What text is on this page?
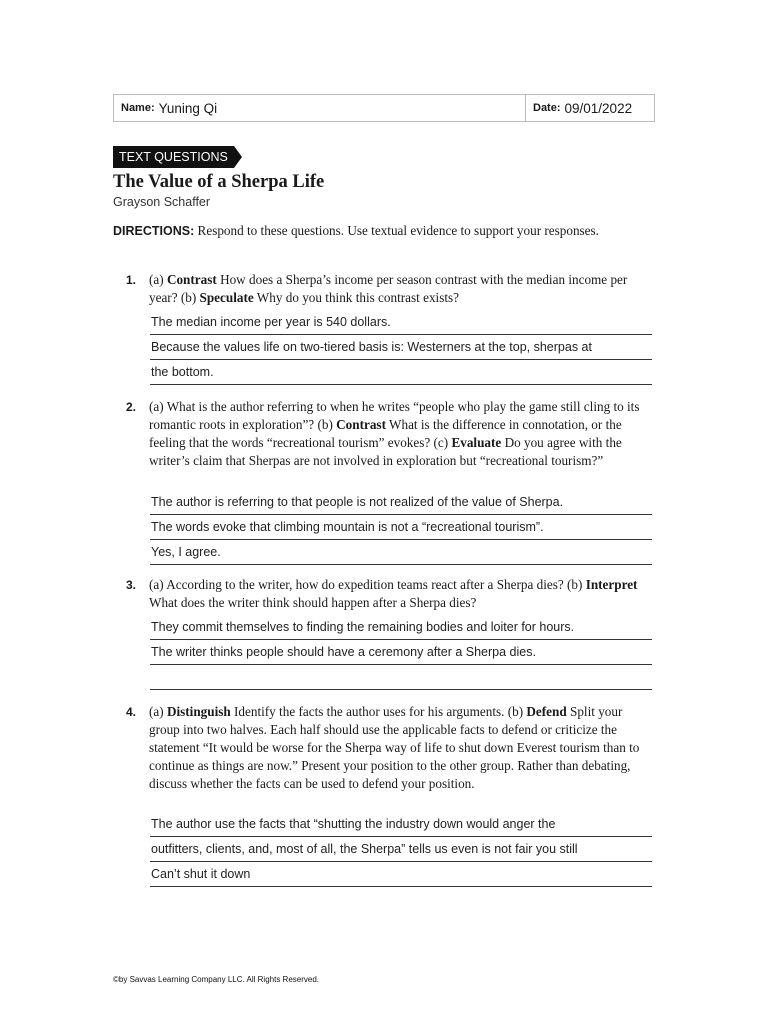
Name: Yuning Qi	Date: 09/01/2022
TEXT QUESTIONS
The Value of a Sherpa Life
Grayson Schaffer
DIRECTIONS: Respond to these questions. Use textual evidence to support your responses.
1. (a) Contrast How does a Sherpa’s income per season contrast with the median income per year? (b) Speculate Why do you think this contrast exists?
The median income per year is 540 dollars.
Because the values life on two-tiered basis is: Westerners at the top, sherpas at
the bottom.
2. (a) What is the author referring to when he writes “people who play the game still cling to its romantic roots in exploration”? (b) Contrast What is the difference in connotation, or the feeling that the words “recreational tourism” evokes? (c) Evaluate Do you agree with the writer’s claim that Sherpas are not involved in exploration but “recreational tourism?”
The author is referring to that people is not realized of the value of Sherpa.
The words evoke that climbing mountain is not a “recreational tourism”.
Yes, I agree.
3. (a) According to the writer, how do expedition teams react after a Sherpa dies? (b) Interpret What does the writer think should happen after a Sherpa dies?
They commit themselves to finding the remaining bodies and loiter for hours.
The writer thinks people should have a ceremony after a Sherpa dies.
4. (a) Distinguish Identify the facts the author uses for his arguments. (b) Defend Split your group into two halves. Each half should use the applicable facts to defend or criticize the statement “It would be worse for the Sherpa way of life to shut down Everest tourism than to continue as things are now.” Present your position to the other group. Rather than debating, discuss whether the facts can be used to defend your position.
The author use the facts that “shutting the industry down would anger the
outfitters, clients, and, most of all, the Sherpa” tells us even is not fair you still
Can’t shut it down
©by Savvas Learning Company LLC. All Rights Reserved.
